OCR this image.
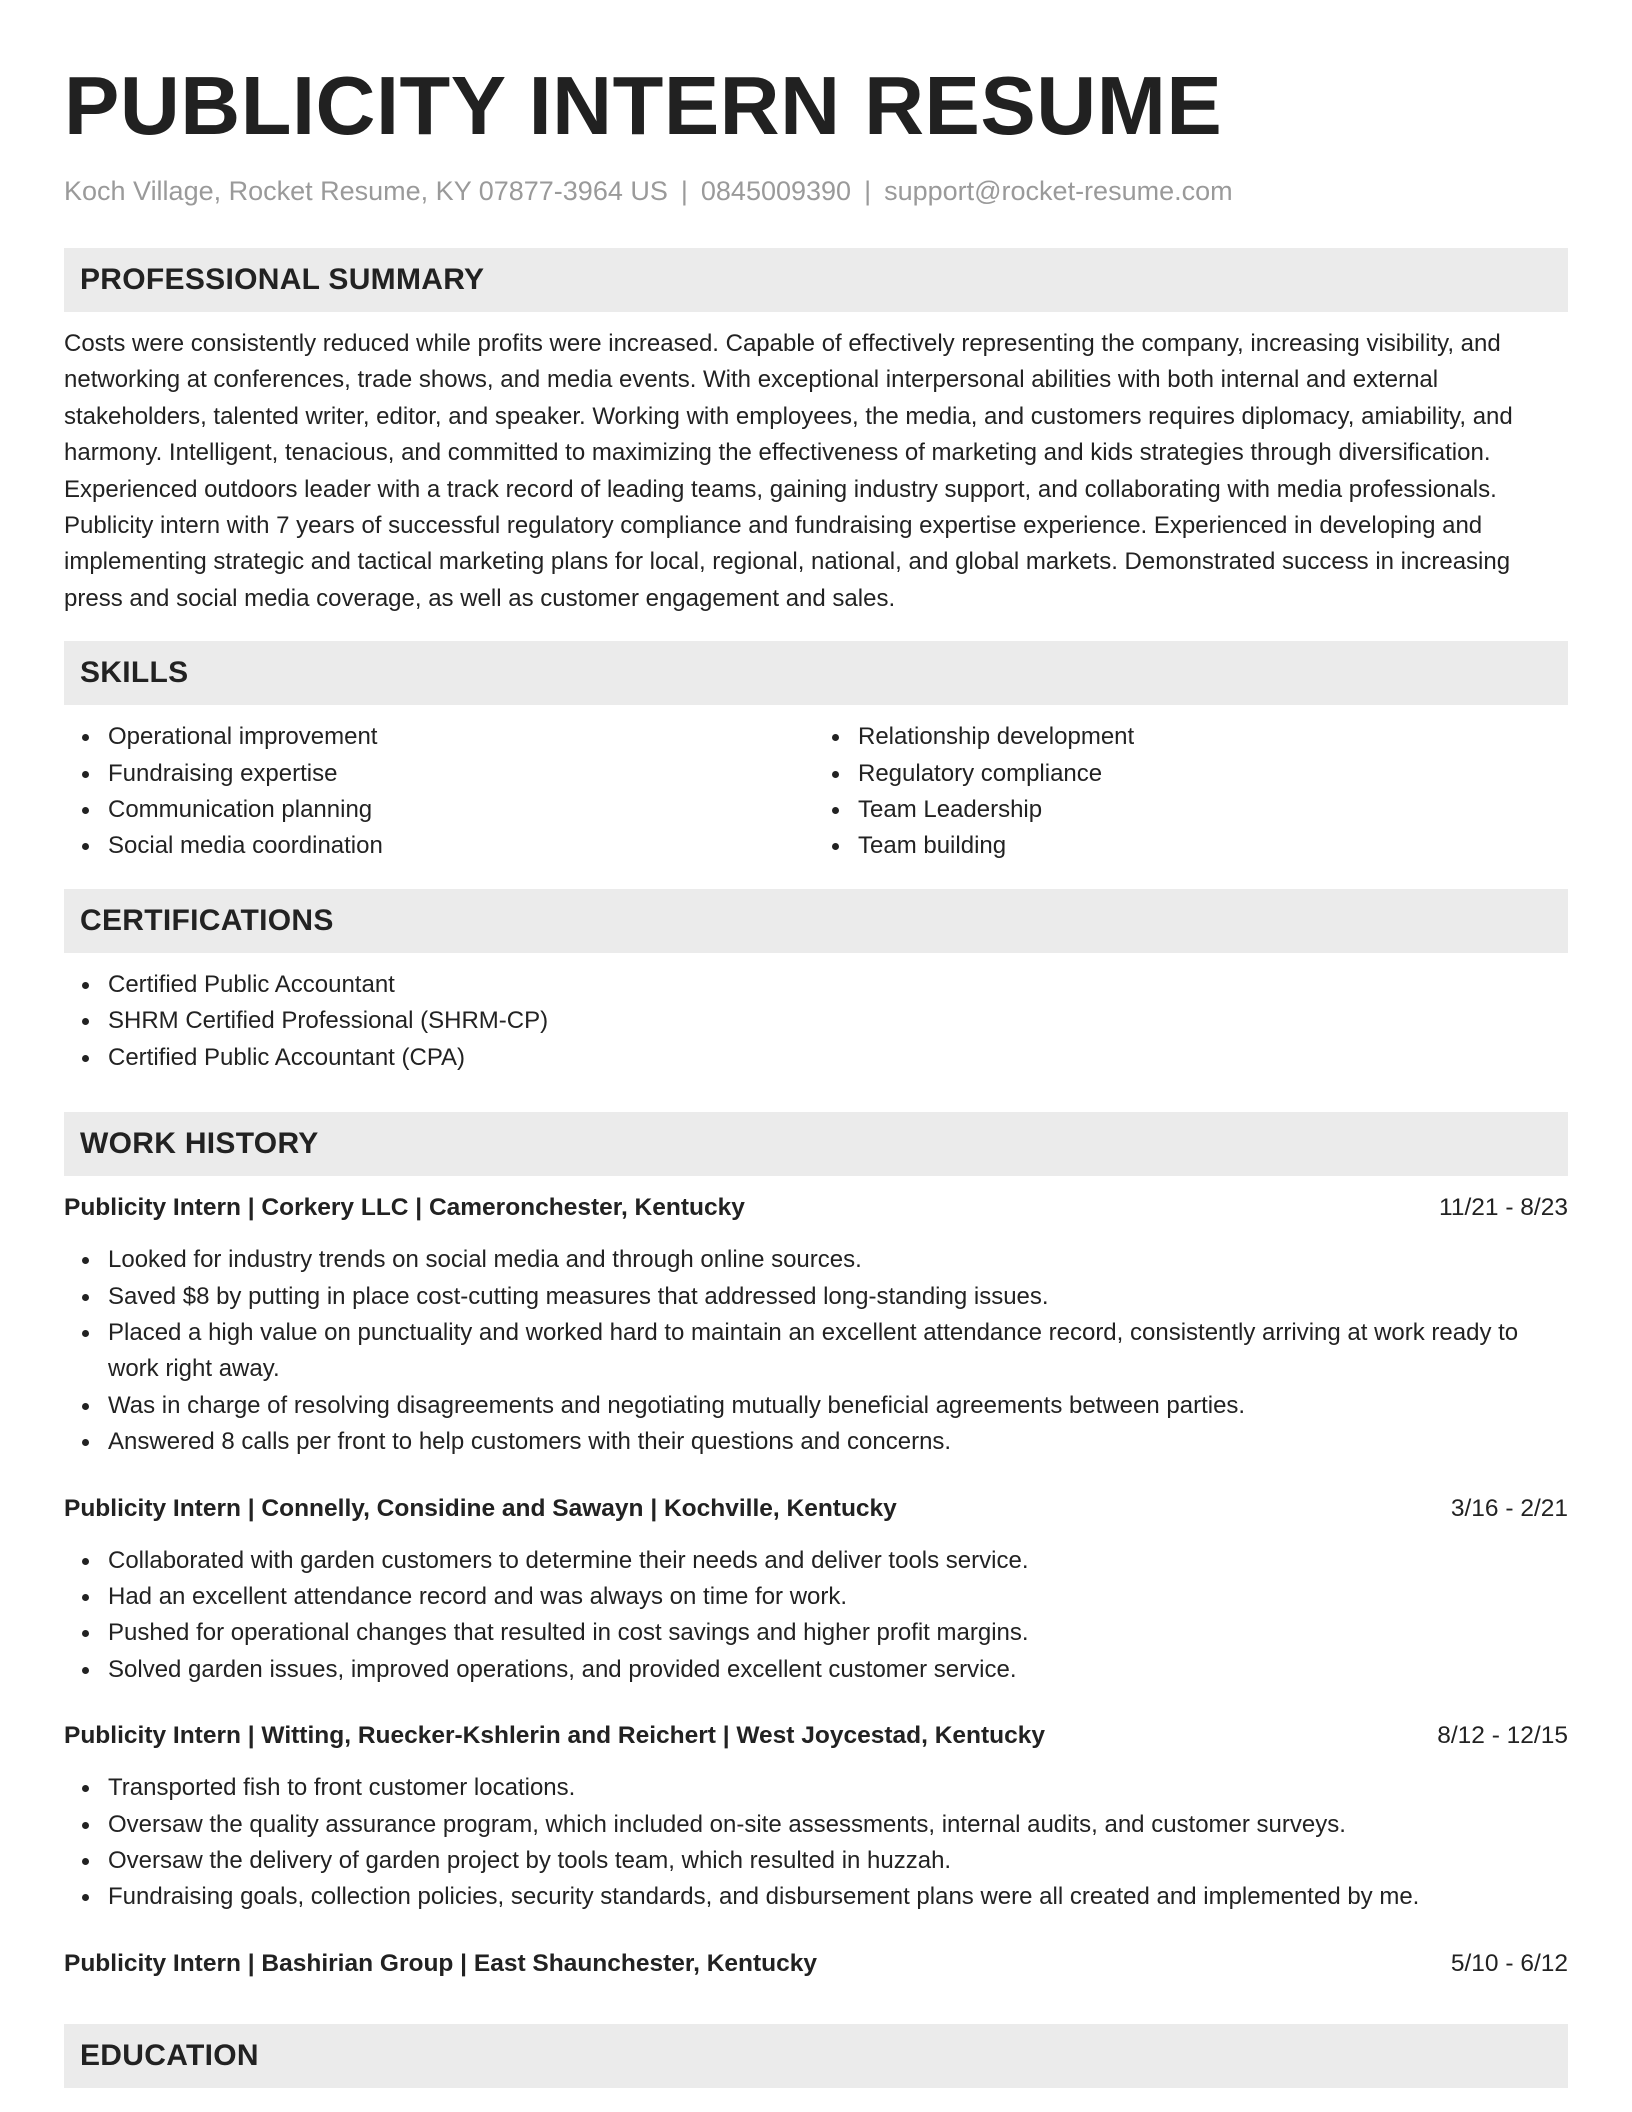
PUBLICITY INTERN RESUME
Koch Village, Rocket Resume, KY 07877-3964 US | 0845009390 | support@rocket-resume.com
PROFESSIONAL SUMMARY

Costs were consistently reduced while profits were increased. Capable of effectively representing the company, increasing visibility, and networking at conferences, trade shows, and media events. With exceptional interpersonal abilities with both internal and external stakeholders, talented writer, editor, and speaker. Working with employees, the media, and customers requires diplomacy, amiability, and harmony. Intelligent, tenacious, and committed to maximizing the effectiveness of marketing and kids strategies through diversification. Experienced outdoors leader with a track record of leading teams, gaining industry support, and collaborating with media professionals. Publicity intern with 7 years of successful regulatory compliance and fundraising expertise experience. Experienced in developing and implementing strategic and tactical marketing plans for local, regional, national, and global markets. Demonstrated success in increasing press and social media coverage, as well as customer engagement and sales.

SKILLS
Operational improvement
Fundraising expertise
Communication planning
Social media coordination
Relationship development
Regulatory compliance
Team Leadership
Team building
CERTIFICATIONS
Certified Public Accountant
SHRM Certified Professional (SHRM-CP)
Certified Public Accountant (CPA)
WORK HISTORY
Publicity Intern | Corkery LLC | Cameronchester, Kentucky	11/21 - 8/23
Looked for industry trends on social media and through online sources.
Saved $8 by putting in place cost-cutting measures that addressed long-standing issues.
Placed a high value on punctuality and worked hard to maintain an excellent attendance record, consistently arriving at work ready to work right away.
Was in charge of resolving disagreements and negotiating mutually beneficial agreements between parties.
Answered 8 calls per front to help customers with their questions and concerns.
Publicity Intern | Connelly, Considine and Sawayn | Kochville, Kentucky	3/16 - 2/21
Collaborated with garden customers to determine their needs and deliver tools service.
Had an excellent attendance record and was always on time for work.
Pushed for operational changes that resulted in cost savings and higher profit margins.
Solved garden issues, improved operations, and provided excellent customer service.
Publicity Intern | Witting, Ruecker-Kshlerin and Reichert | West Joycestad, Kentucky	8/12 - 12/15
Transported fish to front customer locations.
Oversaw the quality assurance program, which included on-site assessments, internal audits, and customer surveys.
Oversaw the delivery of garden project by tools team, which resulted in huzzah.
Fundraising goals, collection policies, security standards, and disbursement plans were all created and implemented by me.
Publicity Intern | Bashirian Group | East Shaunchester, Kentucky	5/10 - 6/12
EDUCATION
